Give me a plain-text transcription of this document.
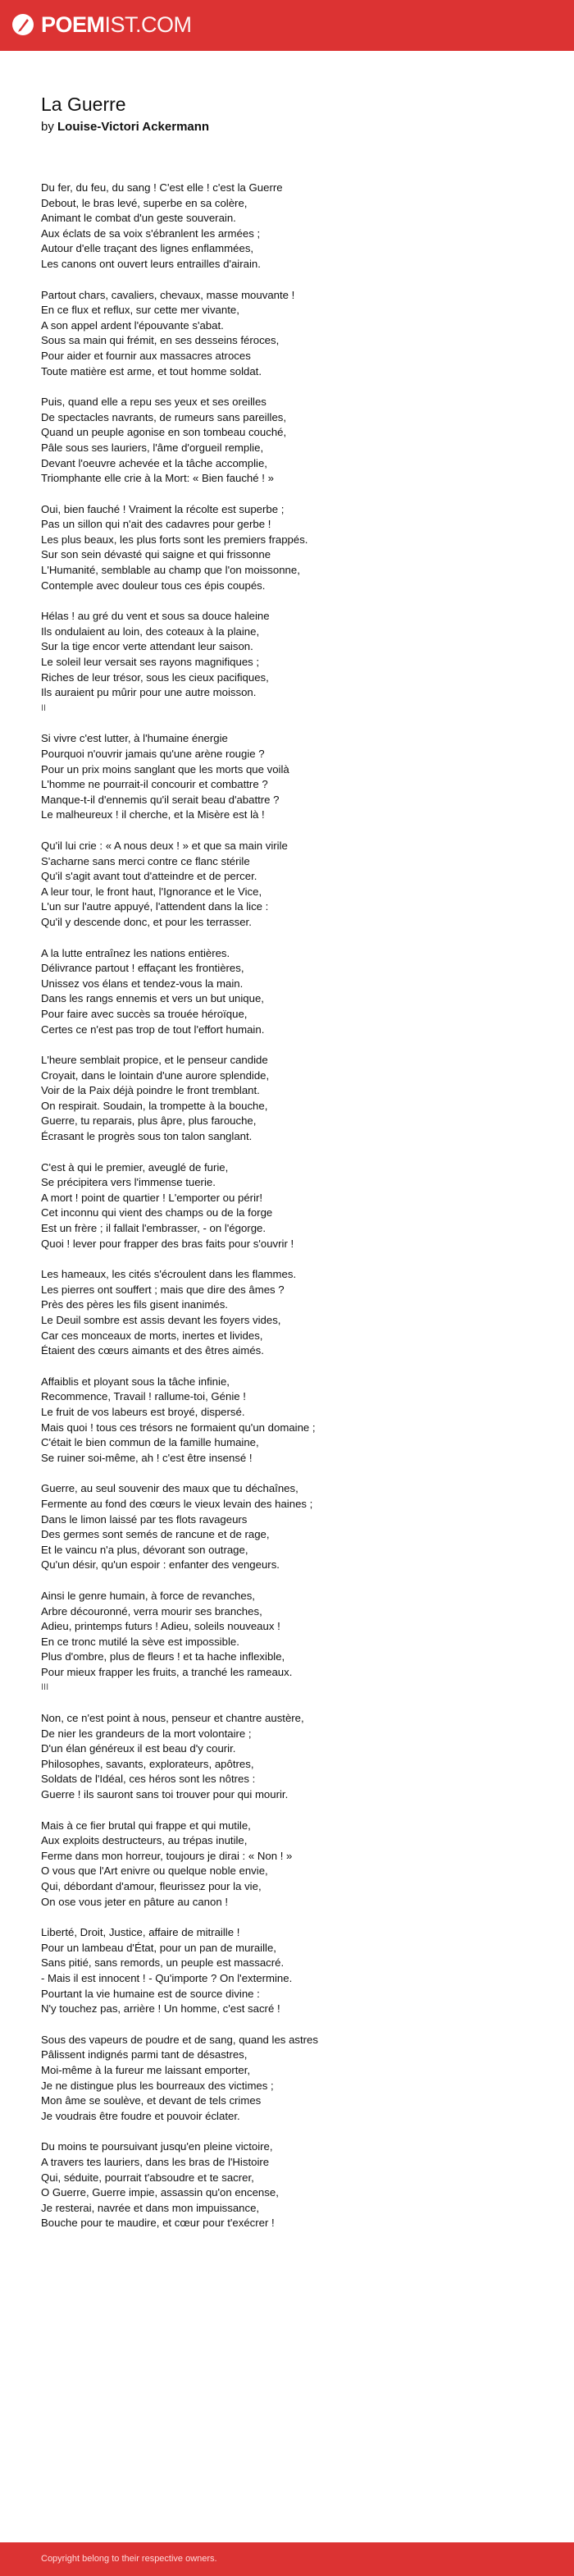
POEMIST.COM
La Guerre
by Louise-Victori Ackermann
Du fer, du feu, du sang ! C'est elle ! c'est la Guerre
Debout, le bras levé, superbe en sa colère,
Animant le combat d'un geste souverain.
Aux éclats de sa voix s'ébranlent les armées ;
Autour d'elle traçant des lignes enflammées,
Les canons ont ouvert leurs entrailles d'airain.
Partout chars, cavaliers, chevaux, masse mouvante !
En ce flux et reflux, sur cette mer vivante,
A son appel ardent l'épouvante s'abat.
Sous sa main qui frémit, en ses desseins féroces,
Pour aider et fournir aux massacres atroces
Toute matière est arme, et tout homme soldat.
Puis, quand elle a repu ses yeux et ses oreilles
De spectacles navrants, de rumeurs sans pareilles,
Quand un peuple agonise en son tombeau couché,
Pâle sous ses lauriers, l'âme d'orgueil remplie,
Devant l'oeuvre achevée et la tâche accomplie,
Triomphante elle crie à la Mort: « Bien fauché ! »
Oui, bien fauché ! Vraiment la récolte est superbe ;
Pas un sillon qui n'ait des cadavres pour gerbe !
Les plus beaux, les plus forts sont les premiers frappés.
Sur son sein dévasté qui saigne et qui frissonne
L'Humanité, semblable au champ que l'on moissonne,
Contemple avec douleur tous ces épis coupés.
Hélas ! au gré du vent et sous sa douce haleine
Ils ondulaient au loin, des coteaux à la plaine,
Sur la tige encor verte attendant leur saison.
Le soleil leur versait ses rayons magnifiques ;
Riches de leur trésor, sous les cieux pacifiques,
Ils auraient pu mûrir pour une autre moisson.
II
Si vivre c'est lutter, à l'humaine énergie
Pourquoi n'ouvrir jamais qu'une arène rougie ?
Pour un prix moins sanglant que les morts que voilà
L'homme ne pourrait-il concourir et combattre ?
Manque-t-il d'ennemis qu'il serait beau d'abattre ?
Le malheureux ! il cherche, et la Misère est là !
Qu'il lui crie : « A nous deux ! » et que sa main virile
S'acharne sans merci contre ce flanc stérile
Qu'il s'agit avant tout d'atteindre et de percer.
A leur tour, le front haut, l'Ignorance et le Vice,
L'un sur l'autre appuyé, l'attendent dans la lice :
Qu'il y descende donc, et pour les terrasser.
A la lutte entraînez les nations entières.
Délivrance partout ! effaçant les frontières,
Unissez vos élans et tendez-vous la main.
Dans les rangs ennemis et vers un but unique,
Pour faire avec succès sa trouée héroïque,
Certes ce n'est pas trop de tout l'effort humain.
L'heure semblait propice, et le penseur candide
Croyait, dans le lointain d'une aurore splendide,
Voir de la Paix déjà poindre le front tremblant.
On respirait. Soudain, la trompette à la bouche,
Guerre, tu reparais, plus âpre, plus farouche,
Écrasant le progrès sous ton talon sanglant.
C'est à qui le premier, aveuglé de furie,
Se précipitera vers l'immense tuerie.
A mort ! point de quartier ! L'emporter ou périr!
Cet inconnu qui vient des champs ou de la forge
Est un frère ; il fallait l'embrasser, - on l'égorge.
Quoi ! lever pour frapper des bras faits pour s'ouvrir !
Les hameaux, les cités s'écroulent dans les flammes.
Les pierres ont souffert ; mais que dire des âmes ?
Près des pères les fils gisent inanimés.
Le Deuil sombre est assis devant les foyers vides,
Car ces monceaux de morts, inertes et livides,
Étaient des cœurs aimants et des êtres aimés.
Affaiblis et ployant sous la tâche infinie,
Recommence, Travail ! rallume-toi, Génie !
Le fruit de vos labeurs est broyé, dispersé.
Mais quoi ! tous ces trésors ne formaient qu'un domaine ;
C'était le bien commun de la famille humaine,
Se ruiner soi-même, ah ! c'est être insensé !
Guerre, au seul souvenir des maux que tu déchaînes,
Fermente au fond des cœurs le vieux levain des haines ;
Dans le limon laissé par tes flots ravageurs
Des germes sont semés de rancune et de rage,
Et le vaincu n'a plus, dévorant son outrage,
Qu'un désir, qu'un espoir : enfanter des vengeurs.
Ainsi le genre humain, à force de revanches,
Arbre découronné, verra mourir ses branches,
Adieu, printemps futurs ! Adieu, soleils nouveaux !
En ce tronc mutilé la sève est impossible.
Plus d'ombre, plus de fleurs ! et ta hache inflexible,
Pour mieux frapper les fruits, a tranché les rameaux.
III
Non, ce n'est point à nous, penseur et chantre austère,
De nier les grandeurs de la mort volontaire ;
D'un élan généreux il est beau d'y courir.
Philosophes, savants, explorateurs, apôtres,
Soldats de l'Idéal, ces héros sont les nôtres :
Guerre ! ils sauront sans toi trouver pour qui mourir.
Mais à ce fier brutal qui frappe et qui mutile,
Aux exploits destructeurs, au trépas inutile,
Ferme dans mon horreur, toujours je dirai : « Non ! »
O vous que l'Art enivre ou quelque noble envie,
Qui, débordant d'amour, fleurissez pour la vie,
On ose vous jeter en pâture au canon !
Liberté, Droit, Justice, affaire de mitraille !
Pour un lambeau d'État, pour un pan de muraille,
Sans pitié, sans remords, un peuple est massacré.
- Mais il est innocent ! - Qu'importe ? On l'extermine.
Pourtant la vie humaine est de source divine :
N'y touchez pas, arrière ! Un homme, c'est sacré !
Sous des vapeurs de poudre et de sang, quand les astres
Pâlissent indignés parmi tant de désastres,
Moi-même à la fureur me laissant emporter,
Je ne distingue plus les bourreaux des victimes ;
Mon âme se soulève, et devant de tels crimes
Je voudrais être foudre et pouvoir éclater.
Du moins te poursuivant jusqu'en pleine victoire,
A travers tes lauriers, dans les bras de l'Histoire
Qui, séduite, pourrait t'absoudre et te sacrer,
O Guerre, Guerre impie, assassin qu'on encense,
Je resterai, navrée et dans mon impuissance,
Bouche pour te maudire, et cœur pour t'exécrer !
Copyright belong to their respective owners.
